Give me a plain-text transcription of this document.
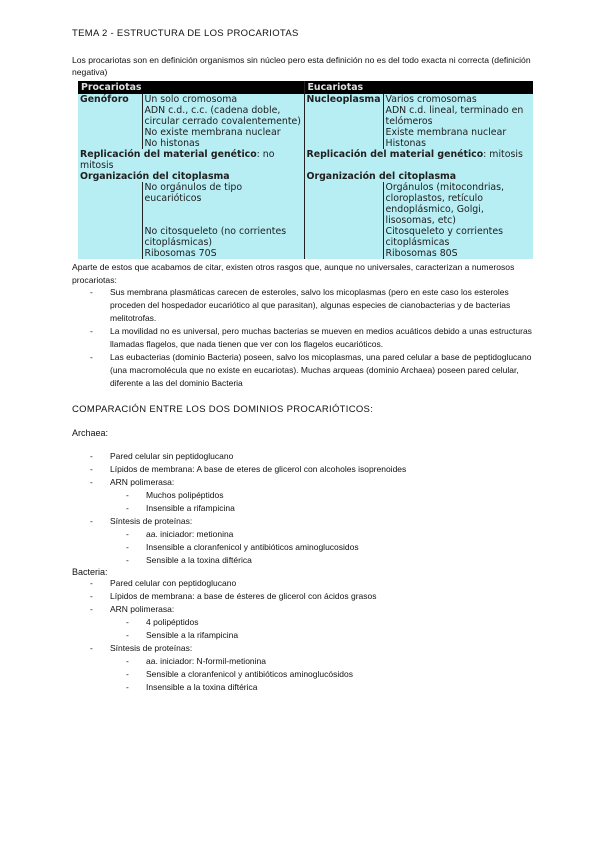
TEMA 2 - ESTRUCTURA DE LOS PROCARIOTAS
Los procariotas son en definición organismos sin núcleo pero esta definición no es del todo exacta ni correcta (definición negativa)
Procariotas		Eucariotas	
Genóforo	Un solo cromosoma	Nucleoplasma	Varios cromosomas
	ADN c.d., c.c. (cadena doble, circular cerrado covalentemente)		ADN c.d. lineal, terminado en telómeros
	No existe membrana nuclear		Existe membrana nuclear
	No histonas		Histonas
Replicación del material genético: no mitosis		Replicación del material genético: mitosis	
Organización del citoplasma		Organización del citoplasma	
	No orgánulos de tipo eucarióticos		Orgánulos (mitocondrias, cloroplastos, retículo endoplásmico, Golgi, lisosomas, etc)
	No citosqueleto (no corrientes citoplásmicas)		Citosqueleto y corrientes citoplásmicas
	Ribosomas 70S		Ribosomas 80S
Aparte de estos que acabamos de citar, existen otros rasgos que, aunque no universales, caracterizan a numerosos procariotas:
- Sus membrana plasmáticas carecen de esteroles, salvo los micoplasmas (pero en este caso los esteroles proceden del hospedador eucariótico al que parasitan), algunas especies de cianobacterias y de bacterias melitotrofas.
- La movilidad no es universal, pero muchas bacterias se mueven en medios acuáticos debido a unas estructuras llamadas flagelos, que nada tienen que ver con los flagelos eucarióticos.
- Las eubacterias (dominio Bacteria) poseen, salvo los micoplasmas, una pared celular a base de peptidoglucano (una macromolécula que no existe en eucariotas). Muchas arqueas (dominio Archaea) poseen pared celular, diferente a las del dominio Bacteria
COMPARACIÓN ENTRE LOS DOS DOMINIOS PROCARIÓTICOS:
Archaea:
- Pared celular sin peptidoglucano
- Lípidos de membrana: A base de eteres de glicerol con alcoholes isoprenoides
- ARN polimerasa:
- Muchos polipéptidos
- Insensible a rifampicina
- Síntesis de proteínas:
- aa. iniciador: metionina
- Insensible a cloranfenicol y antibióticos aminoglucosidos
- Sensible a la toxina diftérica
Bacteria:
- Pared celular con peptidoglucano
- Lípidos de membrana: a base de ésteres de glicerol con ácidos grasos
- ARN polimerasa:
- 4 polipéptidos
- Sensible a la rifampicina
- Síntesis de proteínas:
- aa. iniciador: N-formil-metionina
- Sensible a cloranfenicol y antibióticos aminoglucósidos
- Insensible a la toxina diftérica
